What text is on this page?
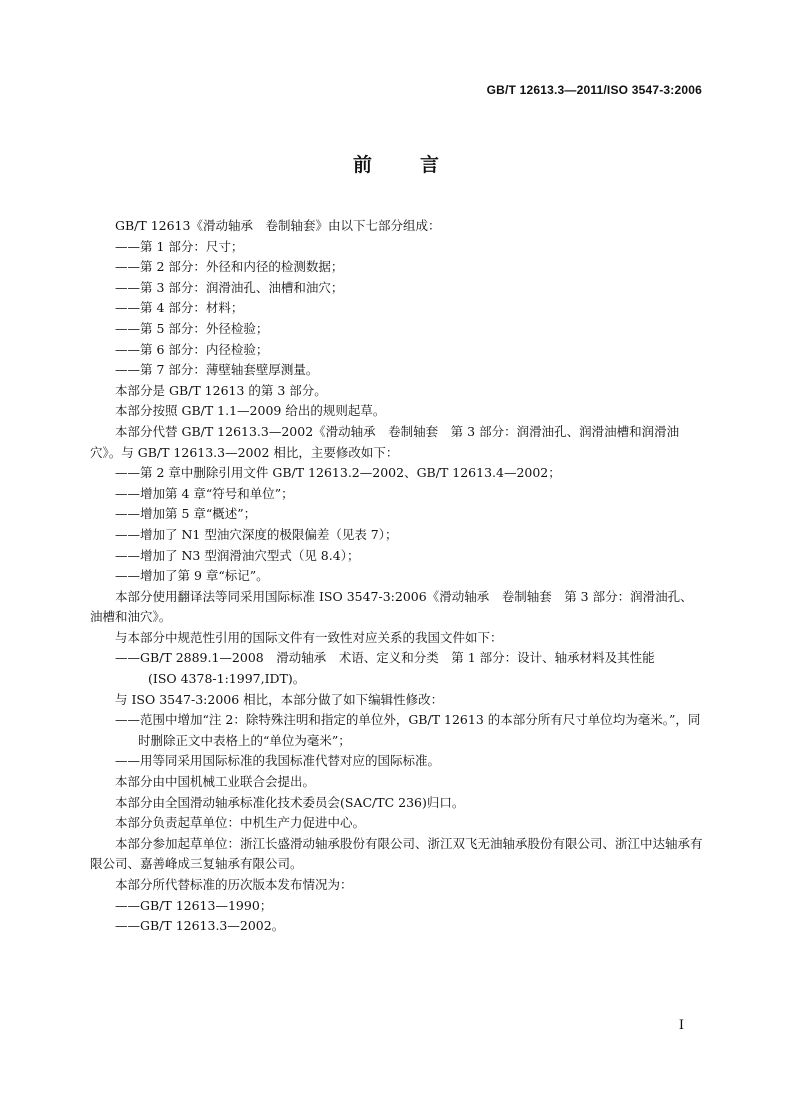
GB/T 12613.3—2011/ISO 3547-3:2006
前言

GB/T 12613《滑动轴承　卷制轴套》由以下七部分组成：

——第 1 部分：尺寸；

——第 2 部分：外径和内径的检测数据；

——第 3 部分：润滑油孔、油槽和油穴；

——第 4 部分：材料；

——第 5 部分：外径检验；

——第 6 部分：内径检验；

——第 7 部分：薄壁轴套壁厚测量。

本部分是 GB/T 12613 的第 3 部分。

本部分按照 GB/T 1.1—2009 给出的规则起草。

本部分代替 GB/T 12613.3—2002《滑动轴承　卷制轴套　第 3 部分：润滑油孔、润滑油槽和润滑油穴》。与 GB/T 12613.3—2002 相比，主要修改如下：

——第 2 章中删除引用文件 GB/T 12613.2—2002、GB/T 12613.4—2002；

——增加第 4 章“符号和单位”；

——增加第 5 章“概述”；

——增加了 N1 型油穴深度的极限偏差（见表 7）；

——增加了 N3 型润滑油穴型式（见 8.4）；

——增加了第 9 章“标记”。

本部分使用翻译法等同采用国际标准 ISO 3547-3:2006《滑动轴承　卷制轴套　第 3 部分：润滑油孔、油槽和油穴》。

与本部分中规范性引用的国际文件有一致性对应关系的我国文件如下：

——GB/T 2889.1—2008　滑动轴承　术语、定义和分类　第 1 部分：设计、轴承材料及其性能

(ISO 4378-1:1997,IDT)。

与 ISO 3547-3:2006 相比，本部分做了如下编辑性修改：

——范围中增加“注 2：除特殊注明和指定的单位外，GB/T 12613 的本部分所有尺寸单位均为毫米。”，同时删除正文中表格上的“单位为毫米”；

——用等同采用国际标准的我国标准代替对应的国际标准。

本部分由中国机械工业联合会提出。

本部分由全国滑动轴承标准化技术委员会(SAC/TC 236)归口。

本部分负责起草单位：中机生产力促进中心。

本部分参加起草单位：浙江长盛滑动轴承股份有限公司、浙江双飞无油轴承股份有限公司、浙江中达轴承有限公司、嘉善峰成三复轴承有限公司。

本部分所代替标准的历次版本发布情况为：

——GB/T 12613—1990；

——GB/T 12613.3—2002。

I
